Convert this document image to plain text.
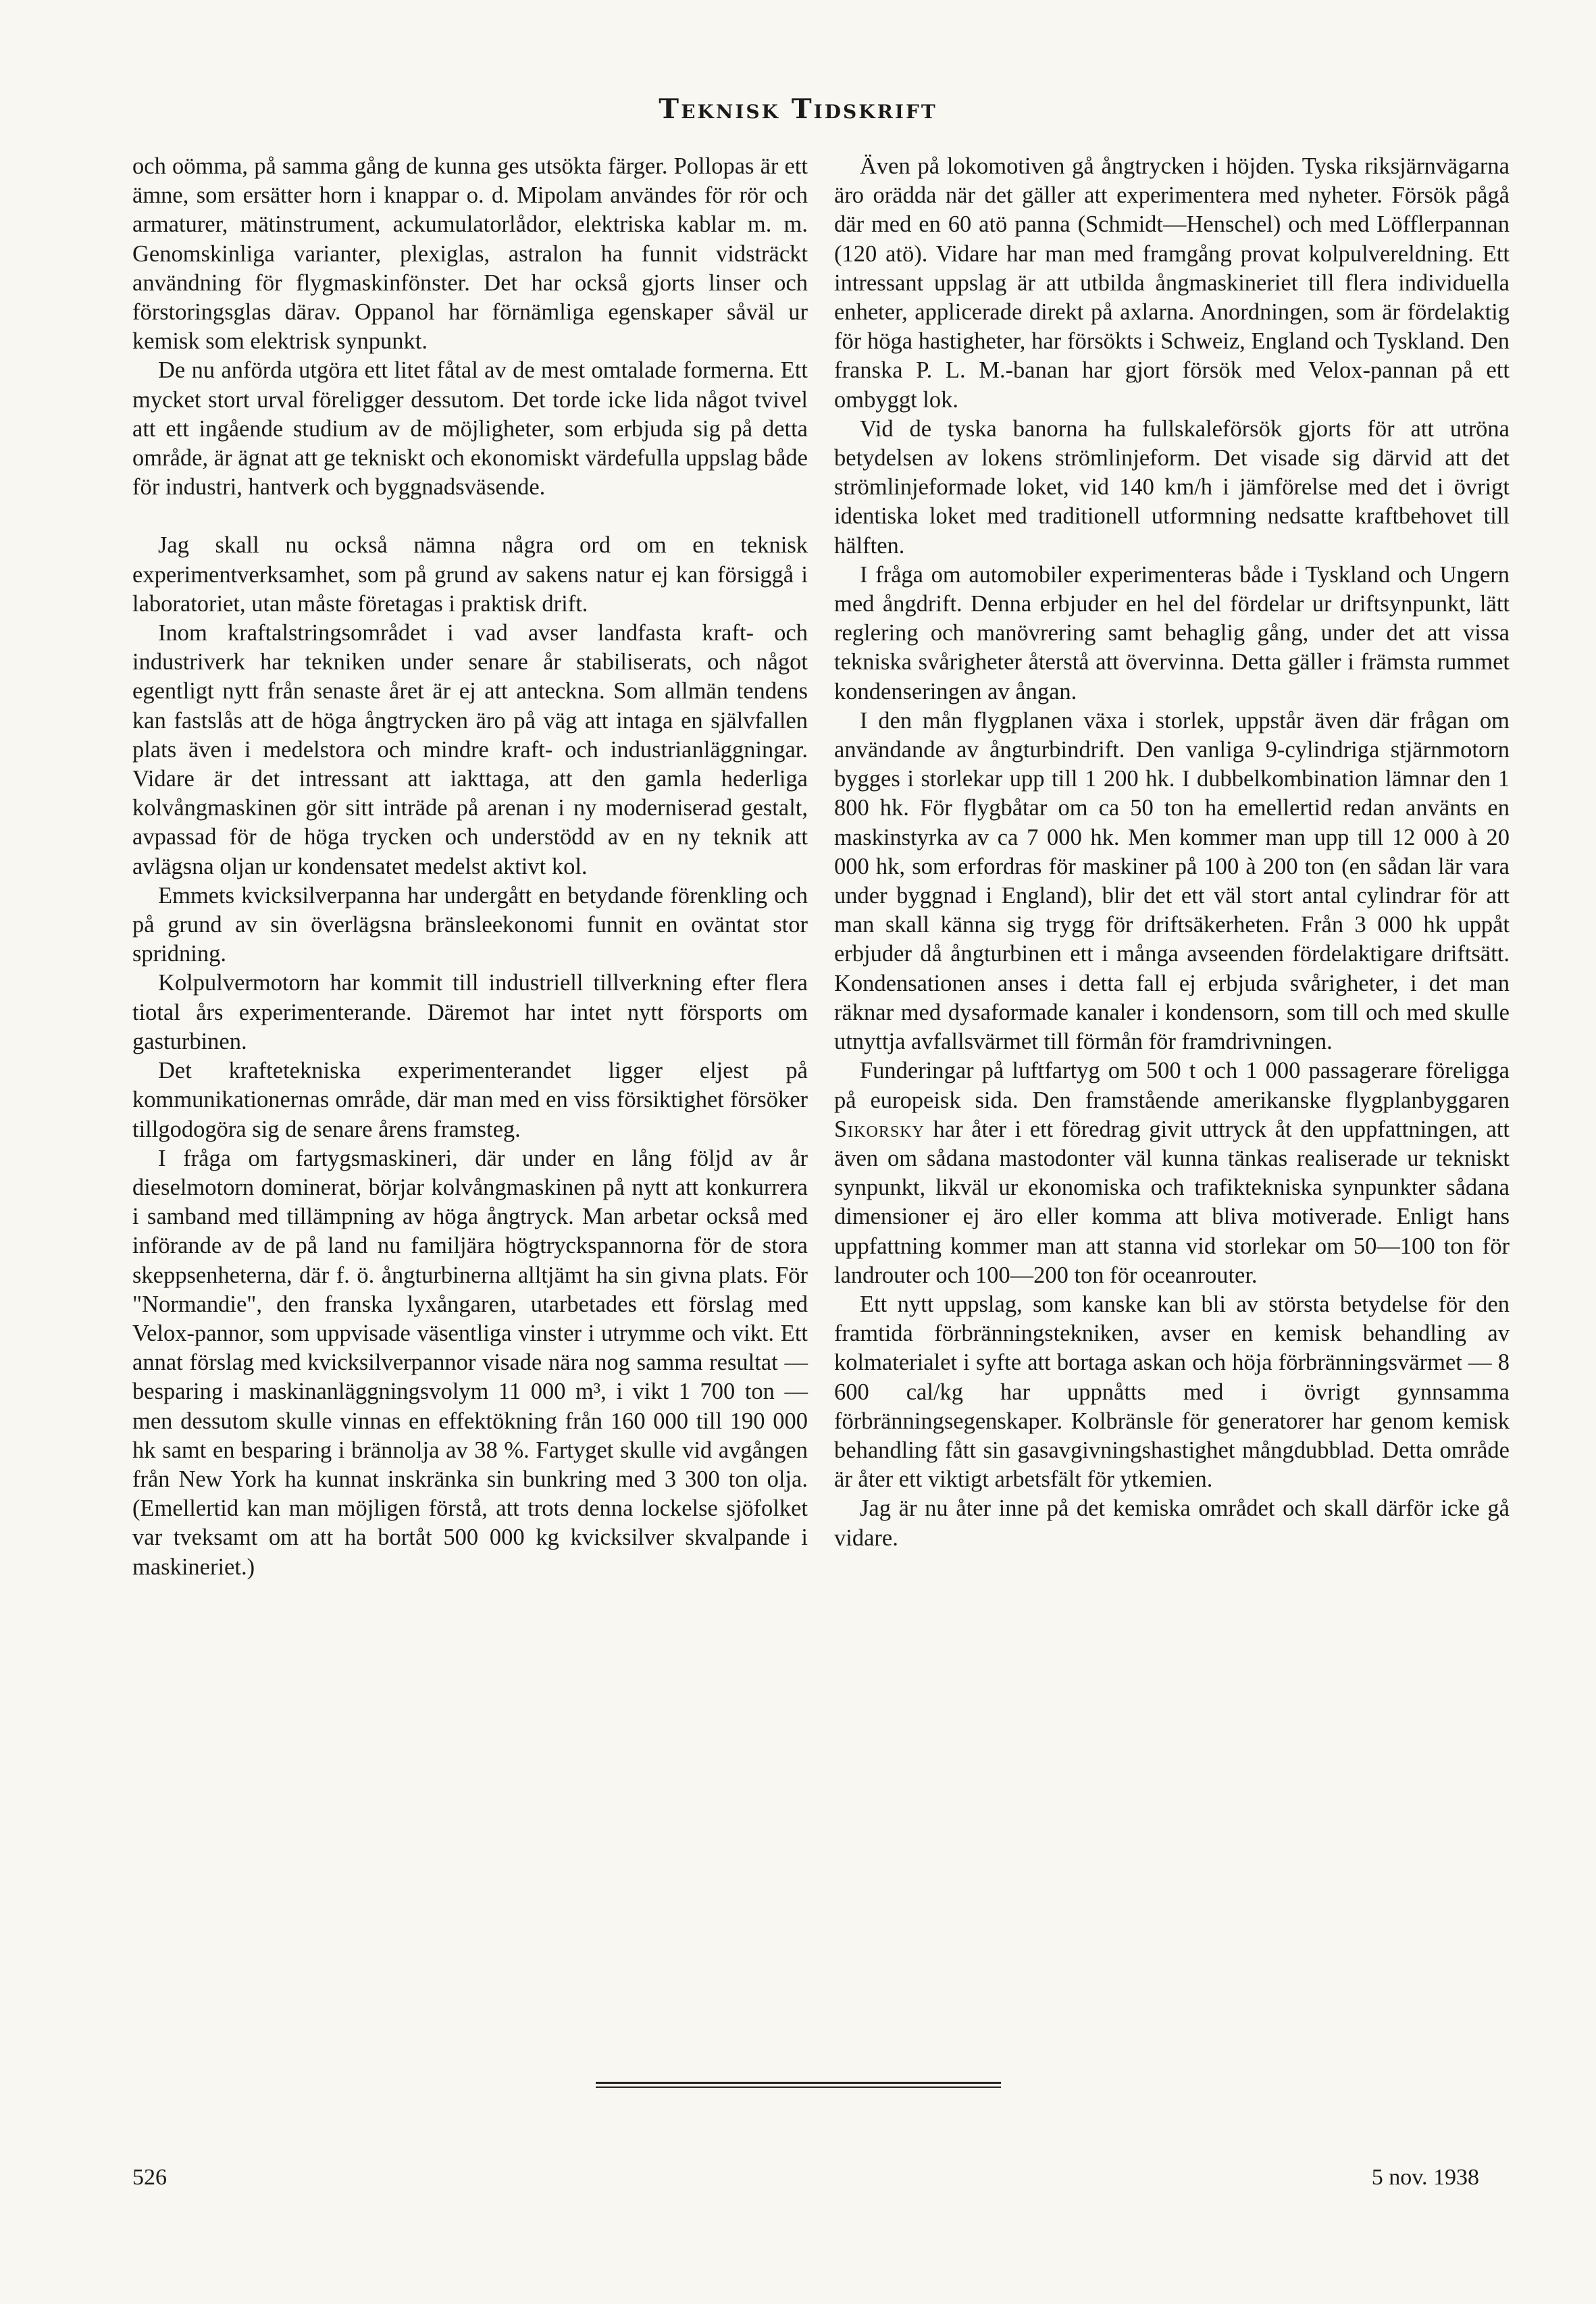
Teknisk Tidskrift

och oömma, på samma gång de kunna ges utsökta färger. Pollopas är ett ämne, som ersätter horn i knappar o. d. Mipolam användes för rör och armaturer, mätinstrument, ackumulatorlådor, elektriska kablar m. m. Genomskinliga varianter, plexiglas, astralon ha funnit vidsträckt användning för flygmaskinfönster. Det har också gjorts linser och förstoringsglas därav. Oppanol har förnämliga egenskaper såväl ur kemisk som elektrisk synpunkt.

De nu anförda utgöra ett litet fåtal av de mest omtalade formerna. Ett mycket stort urval föreligger dessutom. Det torde icke lida något tvivel att ett ingående studium av de möjligheter, som erbjuda sig på detta område, är ägnat att ge tekniskt och ekonomiskt värdefulla uppslag både för industri, hantverk och byggnadsväsende.

Jag skall nu också nämna några ord om en teknisk experimentverksamhet, som på grund av sakens natur ej kan försiggå i laboratoriet, utan måste företagas i praktisk drift.

Inom kraftalstringsområdet i vad avser landfasta kraft- och industriverk har tekniken under senare år stabiliserats, och något egentligt nytt från senaste året är ej att anteckna. Som allmän tendens kan fastslås att de höga ångtrycken äro på väg att intaga en självfallen plats även i medelstora och mindre kraft- och industrianläggningar. Vidare är det intressant att iakttaga, att den gamla hederliga kolvångmaskinen gör sitt inträde på arenan i ny moderniserad gestalt, avpassad för de höga trycken och understödd av en ny teknik att avlägsna oljan ur kondensatet medelst aktivt kol.

Emmets kvicksilverpanna har undergått en betydande förenkling och på grund av sin överlägsna bränsleekonomi funnit en oväntat stor spridning.

Kolpulvermotorn har kommit till industriell tillverkning efter flera tiotal års experimenterande. Däremot har intet nytt försports om gasturbinen.

Det kraftetekniska experimenterandet ligger eljest på kommunikationernas område, där man med en viss försiktighet försöker tillgodogöra sig de senare årens framsteg.

I fråga om fartygsmaskineri, där under en lång följd av år dieselmotorn dominerat, börjar kolvångmaskinen på nytt att konkurrera i samband med tillämpning av höga ångtryck. Man arbetar också med införande av de på land nu familjära högtryckspannorna för de stora skeppsenheterna, där f. ö. ångturbinerna alltjämt ha sin givna plats. För "Normandie", den franska lyxångaren, utarbetades ett förslag med Velox-pannor, som uppvisade väsentliga vinster i utrymme och vikt. Ett annat förslag med kvicksilverpannor visade nära nog samma resultat — besparing i maskinanläggningsvolym 11 000 m³, i vikt 1 700 ton — men dessutom skulle vinnas en effektökning från 160 000 till 190 000 hk samt en besparing i brännolja av 38 %. Fartyget skulle vid avgången från New York ha kunnat inskränka sin bunkring med 3 300 ton olja. (Emellertid kan man möjligen förstå, att trots denna lockelse sjöfolket var tveksamt om att ha bortåt 500 000 kg kvicksilver skvalpande i maskineriet.)

Även på lokomotiven gå ångtrycken i höjden. Tyska riksjärnvägarna äro orädda när det gäller att experimentera med nyheter. Försök pågå där med en 60 atö panna (Schmidt—Henschel) och med Löfflerpannan (120 atö). Vidare har man med framgång provat kolpulvereldning. Ett intressant uppslag är att utbilda ångmaskineriet till flera individuella enheter, applicerade direkt på axlarna. Anordningen, som är fördelaktig för höga hastigheter, har försökts i Schweiz, England och Tyskland. Den franska P. L. M.-banan har gjort försök med Velox-pannan på ett ombyggt lok.

Vid de tyska banorna ha fullskaleförsök gjorts för att utröna betydelsen av lokens strömlinjeform. Det visade sig därvid att det strömlinjeformade loket, vid 140 km/h i jämförelse med det i övrigt identiska loket med traditionell utformning nedsatte kraftbehovet till hälften.

I fråga om automobiler experimenteras både i Tyskland och Ungern med ångdrift. Denna erbjuder en hel del fördelar ur driftsynpunkt, lätt reglering och manövrering samt behaglig gång, under det att vissa tekniska svårigheter återstå att övervinna. Detta gäller i främsta rummet kondenseringen av ångan.

I den mån flygplanen växa i storlek, uppstår även där frågan om användande av ångturbindrift. Den vanliga 9-cylindriga stjärnmotorn bygges i storlekar upp till 1 200 hk. I dubbelkombination lämnar den 1 800 hk. För flygbåtar om ca 50 ton ha emellertid redan använts en maskinstyrka av ca 7 000 hk. Men kommer man upp till 12 000 à 20 000 hk, som erfordras för maskiner på 100 à 200 ton (en sådan lär vara under byggnad i England), blir det ett väl stort antal cylindrar för att man skall känna sig trygg för driftsäkerheten. Från 3 000 hk uppåt erbjuder då ångturbinen ett i många avseenden fördelaktigare driftsätt. Kondensationen anses i detta fall ej erbjuda svårigheter, i det man räknar med dysaformade kanaler i kondensorn, som till och med skulle utnyttja avfallsvärmet till förmån för framdrivningen.

Funderingar på luftfartyg om 500 t och 1 000 passagerare föreligga på europeisk sida. Den framstående amerikanske flygplanbyggaren Sikorsky har åter i ett föredrag givit uttryck åt den uppfattningen, att även om sådana mastodonter väl kunna tänkas realiserade ur tekniskt synpunkt, likväl ur ekonomiska och trafiktekniska synpunkter sådana dimensioner ej äro eller komma att bliva motiverade. Enligt hans uppfattning kommer man att stanna vid storlekar om 50—100 ton för landrouter och 100—200 ton för oceanrouter.

Ett nytt uppslag, som kanske kan bli av största betydelse för den framtida förbränningstekniken, avser en kemisk behandling av kolmaterialet i syfte att bortaga askan och höja förbränningsvärmet — 8 600 cal/kg har uppnåtts med i övrigt gynnsamma förbränningsegenskaper. Kolbränsle för generatorer har genom kemisk behandling fått sin gasavgivningshastighet mångdubblad. Detta område är åter ett viktigt arbetsfält för ytkemien.

Jag är nu åter inne på det kemiska området och skall därför icke gå vidare.

526	5 nov. 1938
